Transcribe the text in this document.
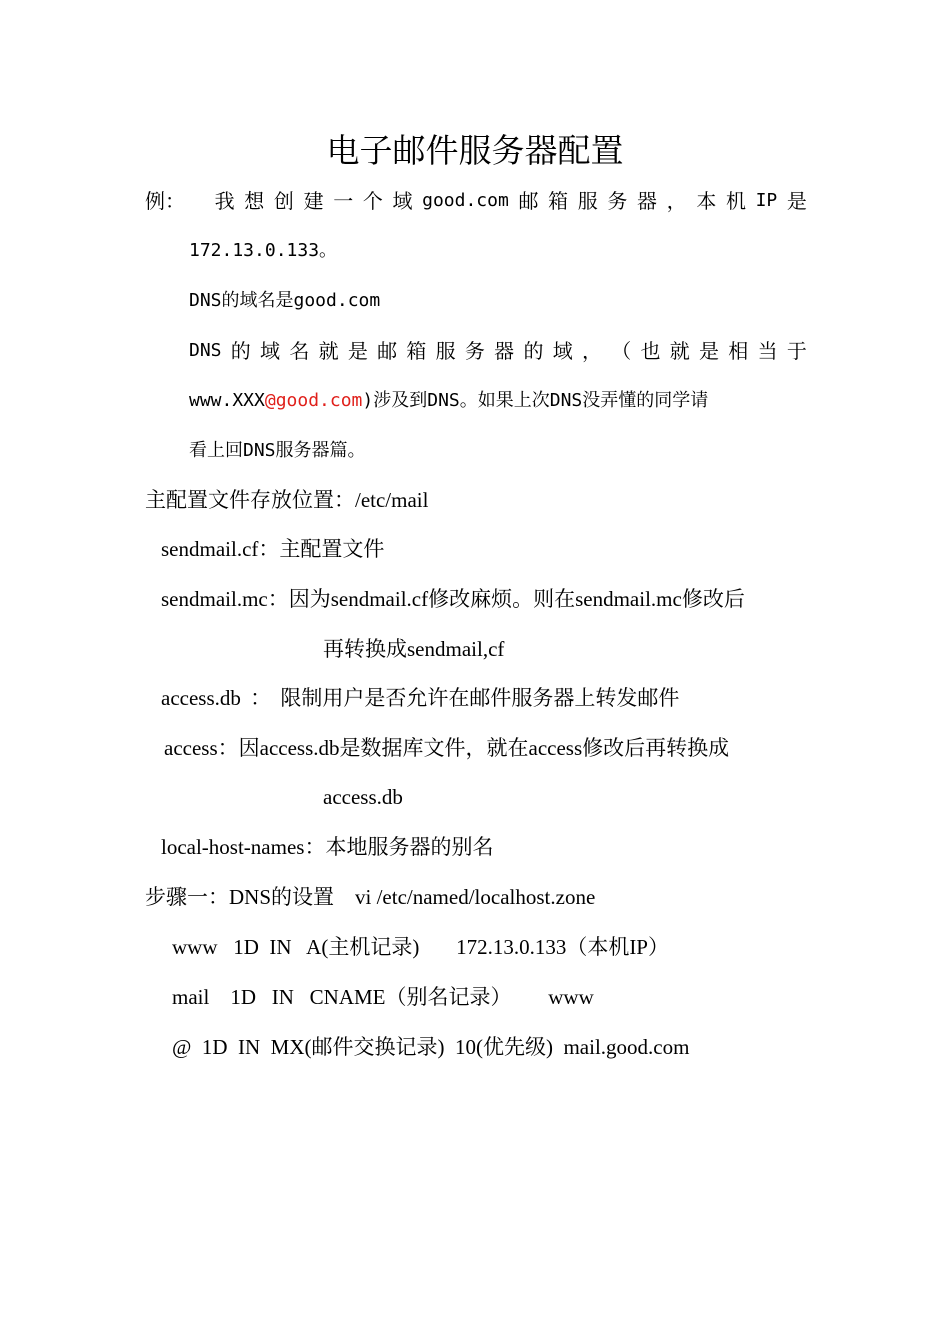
电子邮件服务器配置
例： 我 想 创 建 一 个 域 good.com 邮 箱 服 务 器 ， 本 机 IP 是
172.13.0.133。
DNS的域名是good.com
DNS 的 域 名 就 是 邮 箱 服 务 器 的 域 ， （ 也 就 是 相 当 于
www.XXX@good.com)涉及到DNS。如果上次DNS没弄懂的同学请
看上回DNS服务器篇。
主配置文件存放位置：/etc/mail
sendmail.cf：主配置文件
sendmail.mc：因为sendmail.cf修改麻烦。则在sendmail.mc修改后
再转换成sendmail,cf
access.db ： 限制用户是否允许在邮件服务器上转发邮件
access：因access.db是数据库文件，就在access修改后再转换成
access.db
local-host-names：本地服务器的别名
步骤一：DNS的设置    vi /etc/named/localhost.zone
www   1D  IN   A(主机记录)       172.13.0.133（本机IP）
mail    1D   IN   CNAME（别名记录）       www
@  1D  IN  MX(邮件交换记录)  10(优先级)  mail.good.com
